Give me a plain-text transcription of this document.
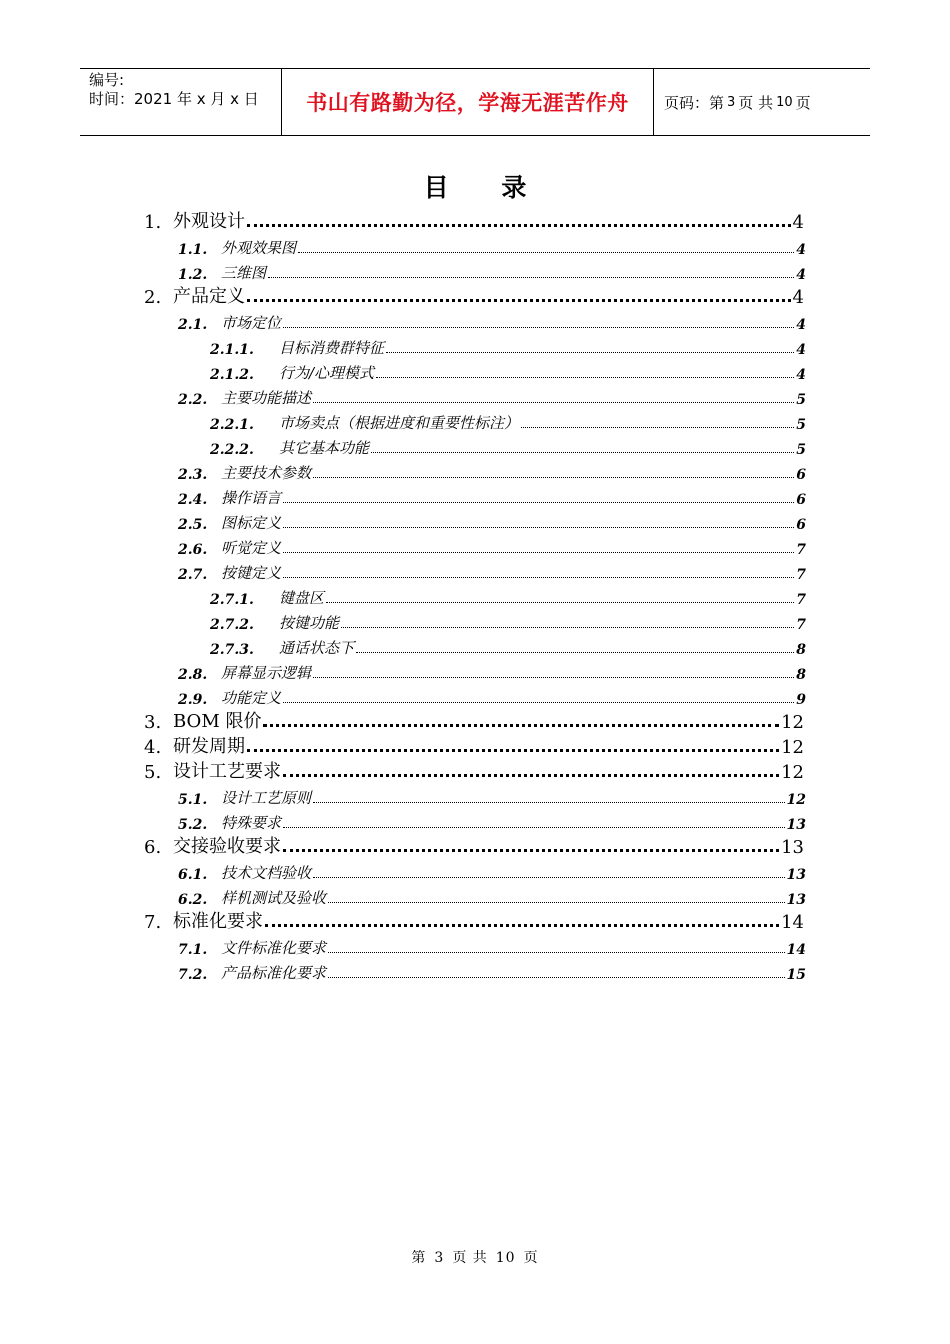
编号:
时间：2021 年 x 月 x 日	书山有路勤为径，学海无涯苦作舟	页码：第 3 页 共 10 页
目 录
1. 外观设计	4
1.1. 外观效果图	4
1.2. 三维图	4
2. 产品定义	4
2.1. 市场定位	4
2.1.1.	目标消费群特征	4
2.1.2.	行为/心理模式	4
2.2. 主要功能描述	5
2.2.1.	市场卖点（根据进度和重要性标注）	5
2.2.2.	其它基本功能	5
2.3. 主要技术参数	6
2.4. 操作语言	6
2.5. 图标定义	6
2.6. 听觉定义	7
2.7. 按键定义	7
2.7.1.	键盘区	7
2.7.2.	按键功能	7
2.7.3.	通话状态下	8
2.8. 屏幕显示逻辑	8
2.9. 功能定义	9
3. BOM 限价	12
4. 研发周期	12
5. 设计工艺要求	12
5.1. 设计工艺原则	12
5.2. 特殊要求	13
6. 交接验收要求	13
6.1. 技术文档验收	13
6.2. 样机测试及验收	13
7. 标准化要求	14
7.1. 文件标准化要求	14
7.2. 产品标准化要求	15
第 3 页 共 10 页
